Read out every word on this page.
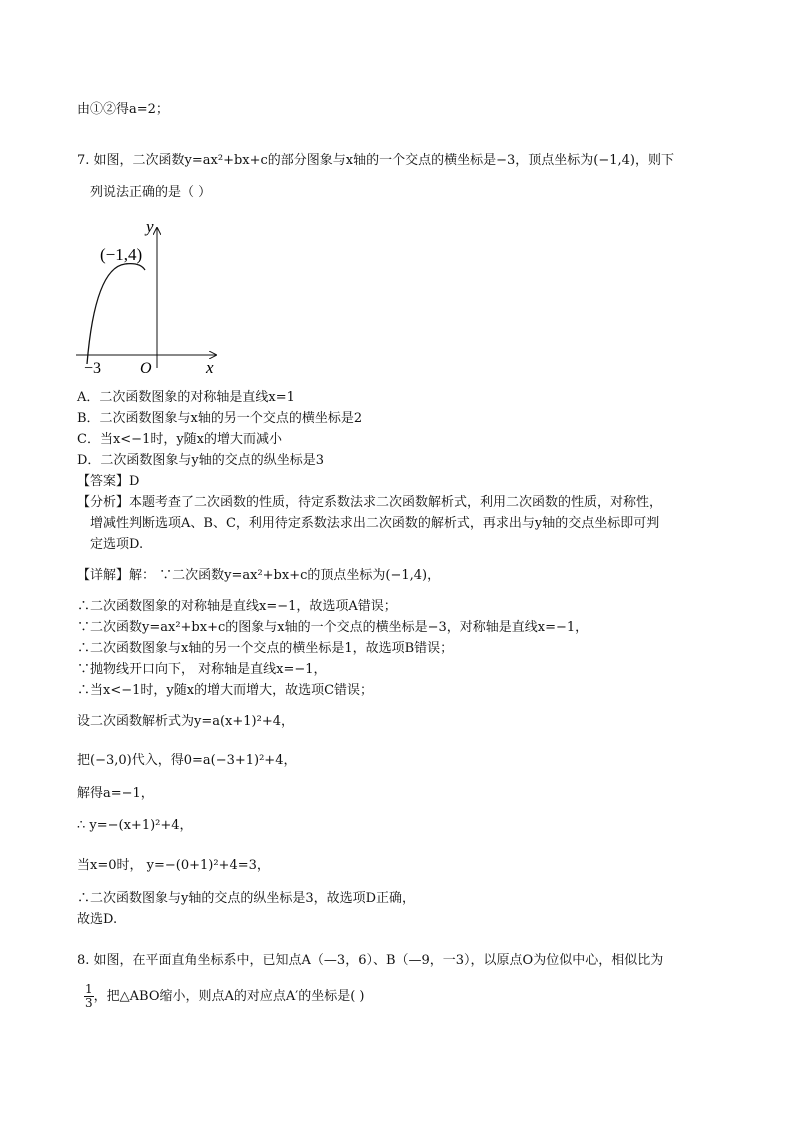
由①②得a=2；
7. 如图，二次函数y=ax²+bx+c的部分图象与x轴的一个交点的横坐标是−3，顶点坐标为(−1,4)，则下
列说法正确的是（ ）
(−1,4)
y
x
O
−3
A．二次函数图象的对称轴是直线x=1
B．二次函数图象与x轴的另一个交点的横坐标是2
C．当x<−1时，y随x的增大而减小
D．二次函数图象与y轴的交点的纵坐标是3
【答案】D
【分析】本题考查了二次函数的性质，待定系数法求二次函数解析式，利用二次函数的性质，对称性，
增减性判断选项A、B、C，利用待定系数法求出二次函数的解析式，再求出与y轴的交点坐标即可判
定选项D.
【详解】解： ∵二次函数y=ax²+bx+c的顶点坐标为(−1,4)，
∴二次函数图象的对称轴是直线x=−1，故选项A错误；
∵二次函数y=ax²+bx+c的图象与x轴的一个交点的横坐标是−3，对称轴是直线x=−1，
∴二次函数图象与x轴的另一个交点的横坐标是1，故选项B错误；
∵抛物线开口向下， 对称轴是直线x=−1，
∴当x<−1时，y随x的增大而增大，故选项C错误；
设二次函数解析式为y=a(x+1)²+4，
把(−3,0)代入，得0=a(−3+1)²+4，
解得a=−1，
∴ y=−(x+1)²+4，
当x=0时， y=−(0+1)²+4=3，
∴二次函数图象与y轴的交点的纵坐标是3，故选项D正确，
故选D.
8. 如图，在平面直角坐标系中，已知点A（—3，6）、B（—9，一3），以原点O为位似中心，相似比为
$\frac{1}{3}$ ，把△ABO缩小，则点A的对应点A′的坐标是( )
